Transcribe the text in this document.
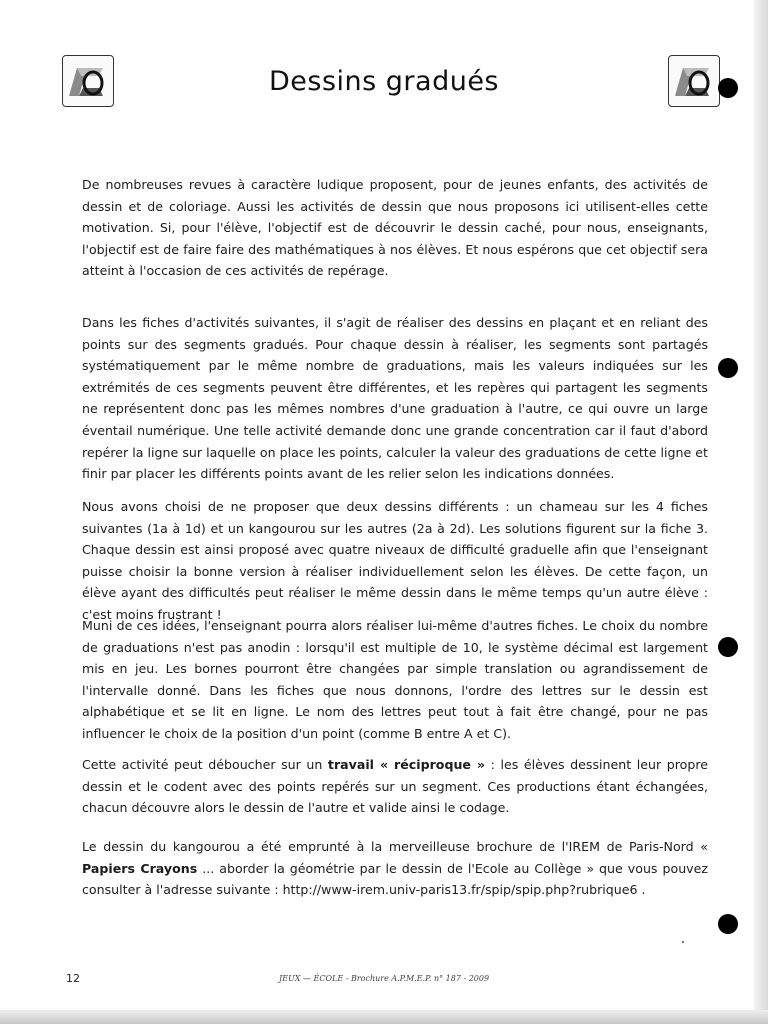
Dessins gradués
De nombreuses revues à caractère ludique proposent, pour de jeunes enfants, des activités de dessin et de coloriage. Aussi les activités de dessin que nous proposons ici utilisent-elles cette motivation. Si, pour l'élève, l'objectif est de découvrir le dessin caché, pour nous, enseignants, l'objectif est de faire faire des mathématiques à nos élèves. Et nous espérons que cet objectif sera atteint à l'occasion de ces activités de repérage.
Dans les fiches d'activités suivantes, il s'agit de réaliser des dessins en plaçant et en reliant des points sur des segments gradués. Pour chaque dessin à réaliser, les segments sont partagés systématiquement par le même nombre de graduations, mais les valeurs indiquées sur les extrémités de ces segments peuvent être différentes, et les repères qui partagent les segments ne représentent donc pas les mêmes nombres d'une graduation à l'autre, ce qui ouvre un large éventail numérique. Une telle activité demande donc une grande concentration car il faut d'abord repérer la ligne sur laquelle on place les points, calculer la valeur des graduations de cette ligne et finir par placer les différents points avant de les relier selon les indications données.
Nous avons choisi de ne proposer que deux dessins différents : un chameau sur les 4 fiches suivantes (1a à 1d) et un kangourou sur les autres (2a à 2d). Les solutions figurent sur la fiche 3. Chaque dessin est ainsi proposé avec quatre niveaux de difficulté graduelle afin que l'enseignant puisse choisir la bonne version à réaliser individuellement selon les élèves. De cette façon, un élève ayant des difficultés peut réaliser le même dessin dans le même temps qu'un autre élève : c'est moins frustrant !
Muni de ces idées, l'enseignant pourra alors réaliser lui-même d'autres fiches. Le choix du nombre de graduations n'est pas anodin : lorsqu'il est multiple de 10, le système décimal est largement mis en jeu. Les bornes pourront être changées par simple translation ou agrandissement de l'intervalle donné. Dans les fiches que nous donnons, l'ordre des lettres sur le dessin est alphabétique et se lit en ligne. Le nom des lettres peut tout à fait être changé, pour ne pas influencer le choix de la position d'un point (comme B entre A et C).
Cette activité peut déboucher sur un travail « réciproque » : les élèves dessinent leur propre dessin et le codent avec des points repérés sur un segment. Ces productions étant échangées, chacun découvre alors le dessin de l'autre et valide ainsi le codage.
Le dessin du kangourou a été emprunté à la merveilleuse brochure de l'IREM de Paris-Nord « Papiers Crayons ... aborder la géométrie par le dessin de l'Ecole au Collège » que vous pouvez consulter à l'adresse suivante : http://www-irem.univ-paris13.fr/spip/spip.php?rubrique6 .
12	JEUX — ÉCOLE - Brochure A.P.M.E.P. n° 187 - 2009
